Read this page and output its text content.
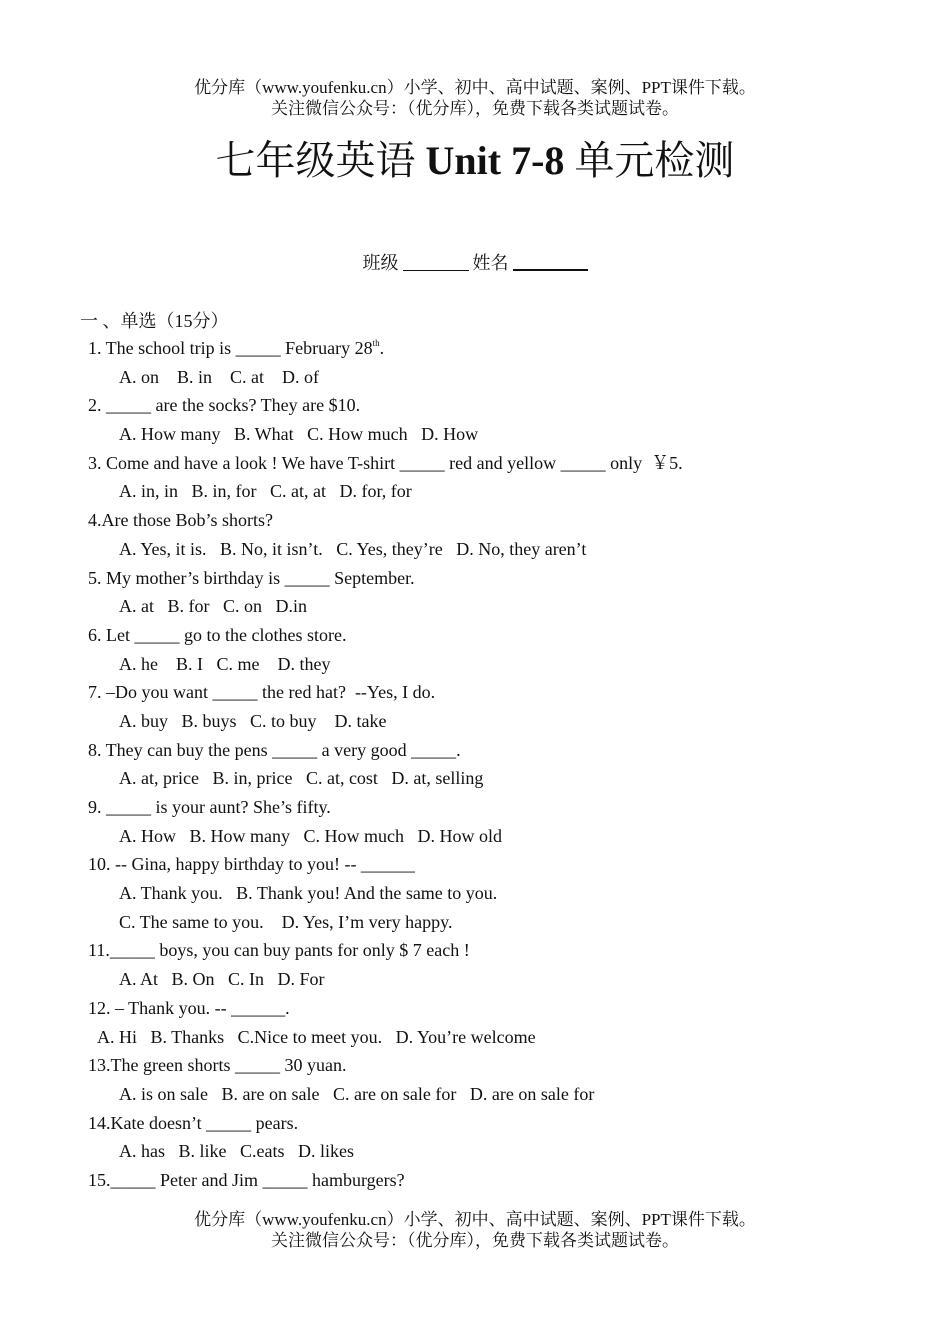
优分库（www.youfenku.cn）小学、初中、高中试题、案例、PPT课件下载。
关注微信公众号：（优分库），免费下载各类试题试卷。
七年级英语 Unit 7-8 单元检测
班级	姓名
一 、单选（15分）
1. The school trip is _____ February 28th.
A. on    B. in    C. at    D. of
2. _____ are the socks? They are $10.
A. How many   B. What   C. How much   D. How
3. Come and have a look ! We have T-shirt _____ red and yellow _____ only  ￥5.
A. in, in   B. in, for   C. at, at   D. for, for
4.Are those Bob’s shorts?
A. Yes, it is.   B. No, it isn’t.   C. Yes, they’re   D. No, they aren’t
5. My mother’s birthday is _____ September.
A. at   B. for   C. on   D.in
6. Let _____ go to the clothes store.
A. he    B. I   C. me    D. they
7. –Do you want _____ the red hat?  --Yes, I do.
A. buy   B. buys   C. to buy    D. take
8. They can buy the pens _____ a very good _____.
A. at, price   B. in, price   C. at, cost   D. at, selling
9. _____ is your aunt? She’s fifty.
A. How   B. How many   C. How much   D. How old
10. -- Gina, happy birthday to you! -- ______
A. Thank you.   B. Thank you! And the same to you.
C. The same to you.    D. Yes, I’m very happy.
11._____ boys, you can buy pants for only $ 7 each !
A. At   B. On   C. In   D. For
12. – Thank you. -- ______.
A. Hi   B. Thanks   C.Nice to meet you.   D. You’re welcome
13.The green shorts _____ 30 yuan.
A. is on sale   B. are on sale   C. are on sale for   D. are on sale for
14.Kate doesn’t _____ pears.
A. has   B. like   C.eats   D. likes
15._____ Peter and Jim _____ hamburgers?
优分库（www.youfenku.cn）小学、初中、高中试题、案例、PPT课件下载。
关注微信公众号：（优分库），免费下载各类试题试卷。
